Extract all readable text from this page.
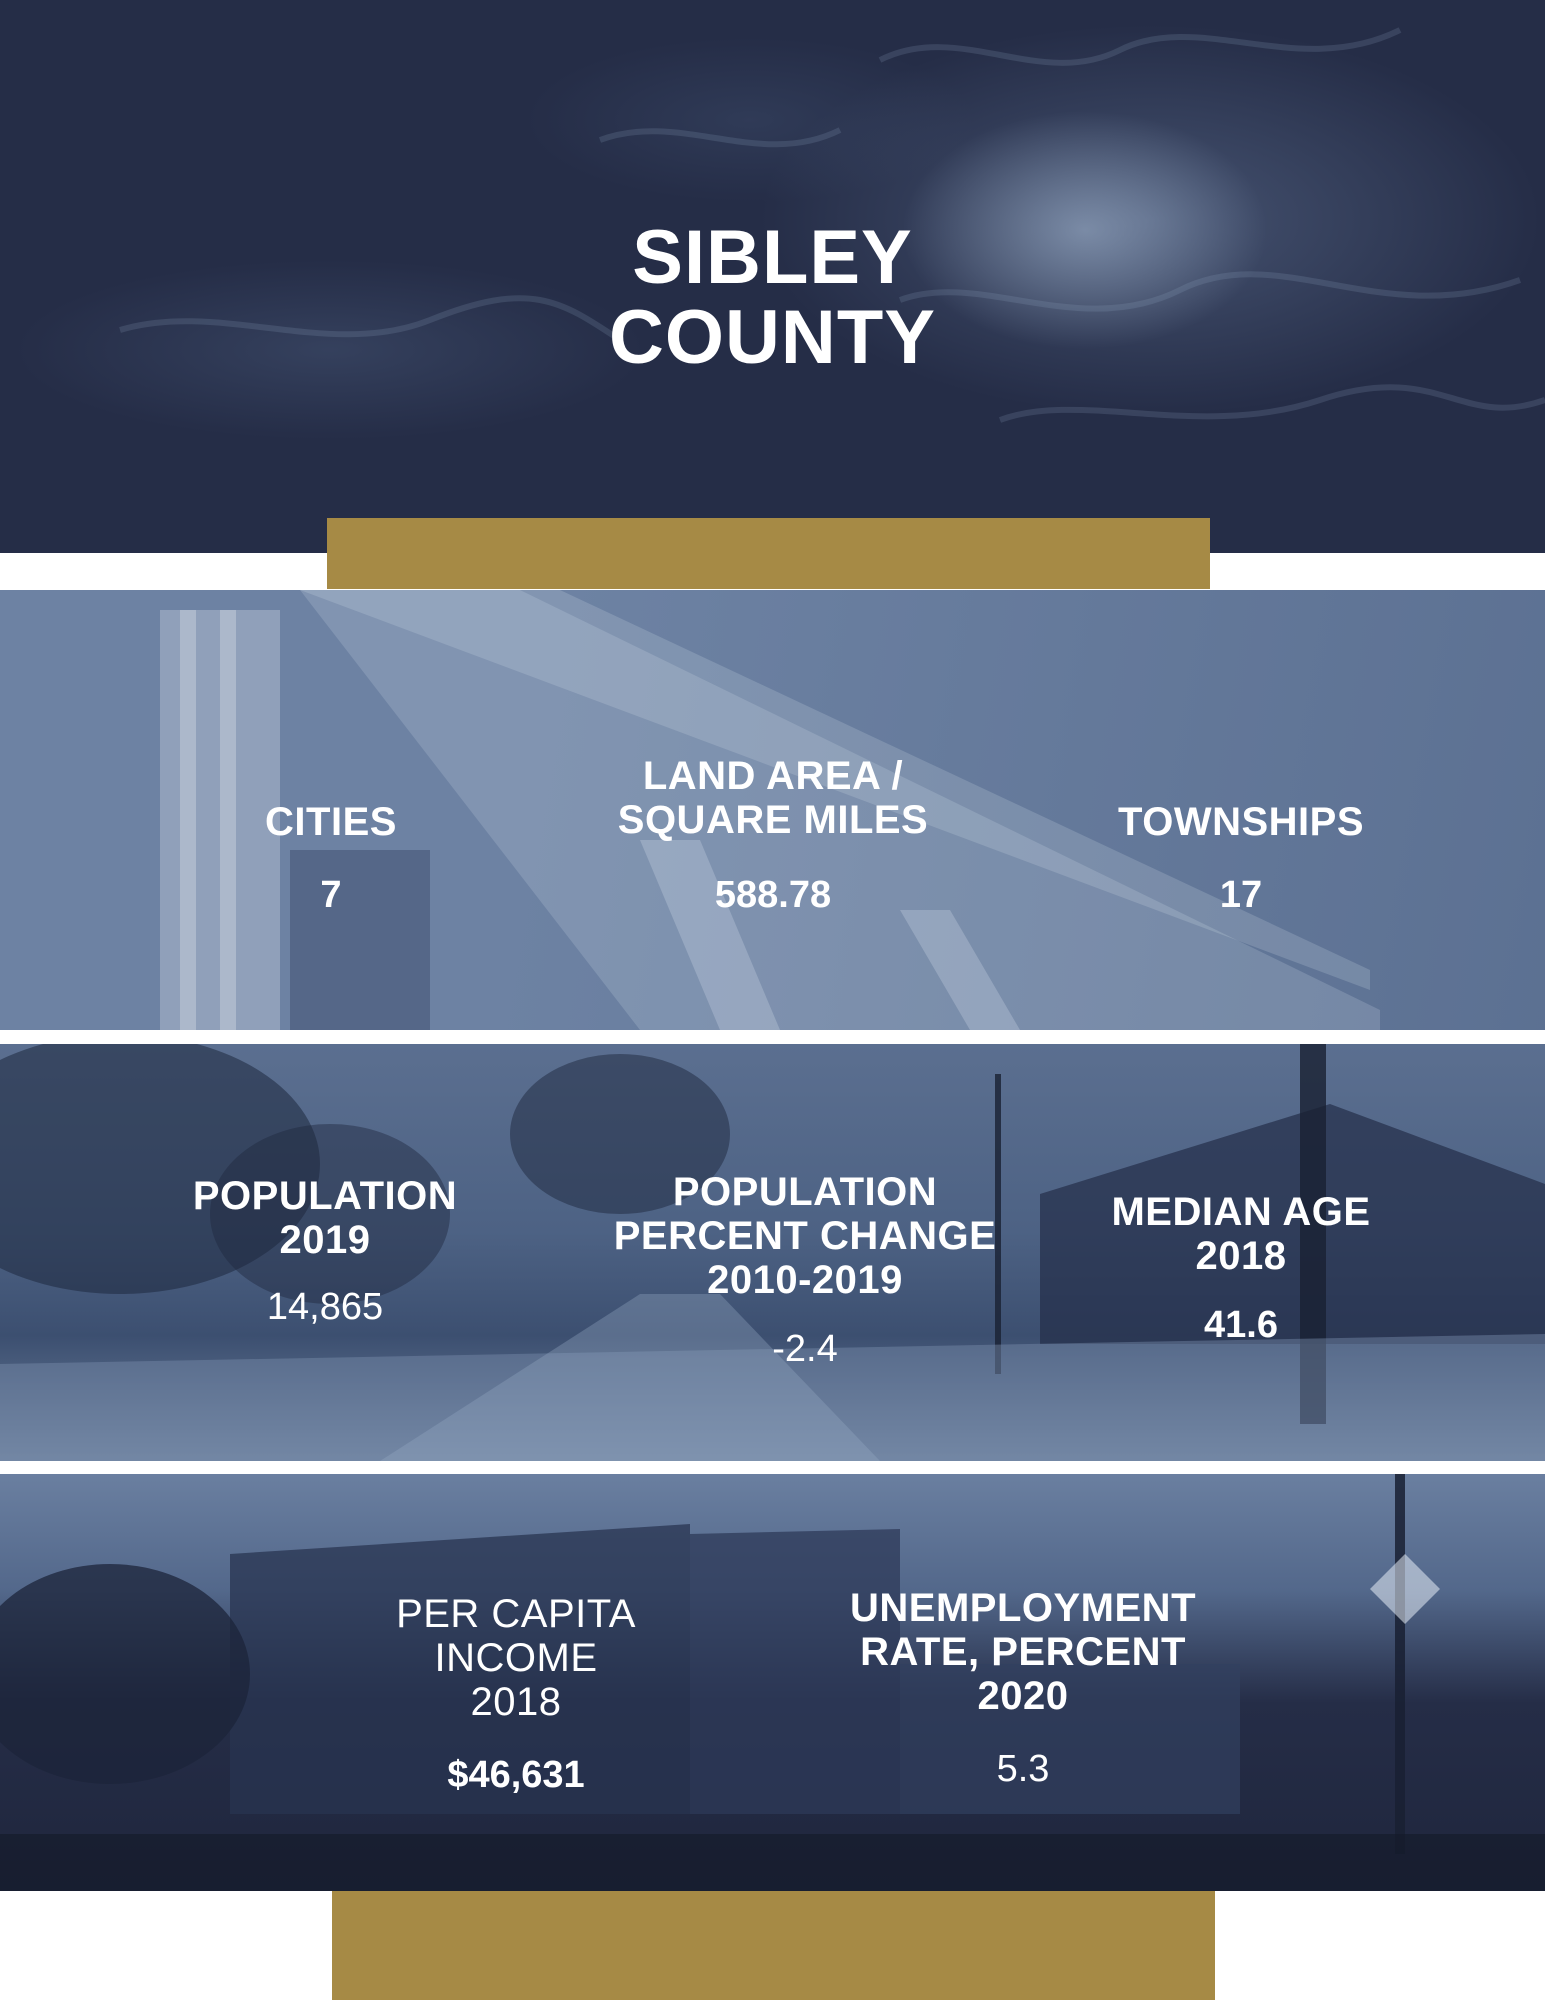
SIBLEY
COUNTY
CITIES
7
LAND AREA /
SQUARE MILES
588.78
TOWNSHIPS
17
POPULATION
2019
14,865
POPULATION
PERCENT CHANGE
2010-2019
-2.4
MEDIAN AGE
2018
41.6
PER CAPITA
INCOME
2018
$46,631
UNEMPLOYMENT
RATE, PERCENT
2020
5.3
